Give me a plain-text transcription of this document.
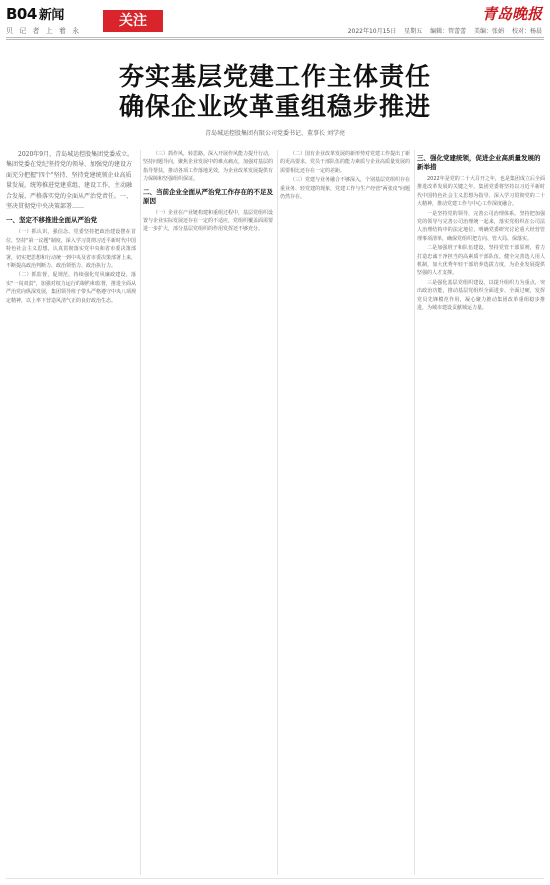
B04 新闻
贝 记 者 上 着 永
关注	青岛晚报
2022年10月15日 星期五 编辑：管蕾蕾 美编：张娟 校对：杨晨
夯实基层党建工作主体责任
确保企业改革重组稳步推进
青岛城运控股集团有限公司党委书记、董事长 刘学亮
2020年9月，青岛城运控股集团党委成立。集团党委在党纪坚持党的领导、加强党的建设方面充分把握"四个"坚持、坚持党建统领企业高质量发展，统筹推进党建重组、建设工作，主动融合发展、严格落实党的全面从严治党责任。一、坚决贯彻党中央决策部署……
一、坚定不移推进全面从严治党

（一）抓认识，强信念。党委坚持把政治建设摆在首位，坚持"第一议题"制度，深入学习贯彻习近平新时代中国特色社会主义思想，认真贯彻落实党中央和省市委决策部署，切实把思想和行动统一到中央及省市委决策部署上来，不断提高政治判断力、政治领悟力、政治执行力。

（二）抓监督，促规范。持续强化党风廉政建设，落实"一岗双责"，加强对权力运行的制约和监督，推进全面从严治党向纵深发展，集团领导班子带头严格遵守中央八项规定精神，以上率下营造风清气正的良好政治生态。

（三）抓作风，转思路。深入开展作风能力提升行动，坚持问题导向，聚焦企业发展中的难点痛点，加强对基层的指导帮扶，推动各项工作落地见效，为企业改革发展提供有力保障和坚强组织保证。

二、当前企业全面从严治党工作存在的不足及原因

（一）企业在产业链构建和重组过程中，基层党组织设置与企业实际发展还存在一定的不适应，党组织覆盖面需要进一步扩大，部分基层党组织的作用发挥还不够充分。

（二）国有企业改革发展的新形势对党建工作提出了新的更高要求，党员干部队伍的能力素质与企业高质量发展的需要相比还存在一定的差距。

（三）党建与业务融合不够深入，个别基层党组织存在重业务、轻党建的现象，党建工作与生产经营"两张皮"问题仍然存在。

三、强化党建统领，促进企业高质量发展的新举措

2022年是党的二十大召开之年，也是集团成立后全面推进改革发展的关键之年。集团党委将坚持以习近平新时代中国特色社会主义思想为指导，深入学习贯彻党的二十大精神，推动党建工作与中心工作深度融合。

一是坚持党的领导，完善公司治理体系。坚持把加强党的领导与完善公司治理统一起来，落实党组织在公司法人治理结构中的法定地位，明确党委研究讨论重大经营管理事项清单，确保党组织把方向、管大局、保落实。

二是加强班子和队伍建设。坚持党管干部原则，着力打造忠诚干净担当的高素质干部队伍，健全完善选人用人机制，加大优秀年轻干部培养选拔力度，为企业发展提供坚强的人才支撑。

三是强化基层党组织建设。以提升组织力为重点，突出政治功能，推动基层党组织全面进步、全面过硬，发挥党员先锋模范作用，凝心聚力推动集团改革重组稳步推进，为城市建设贡献城运力量。
